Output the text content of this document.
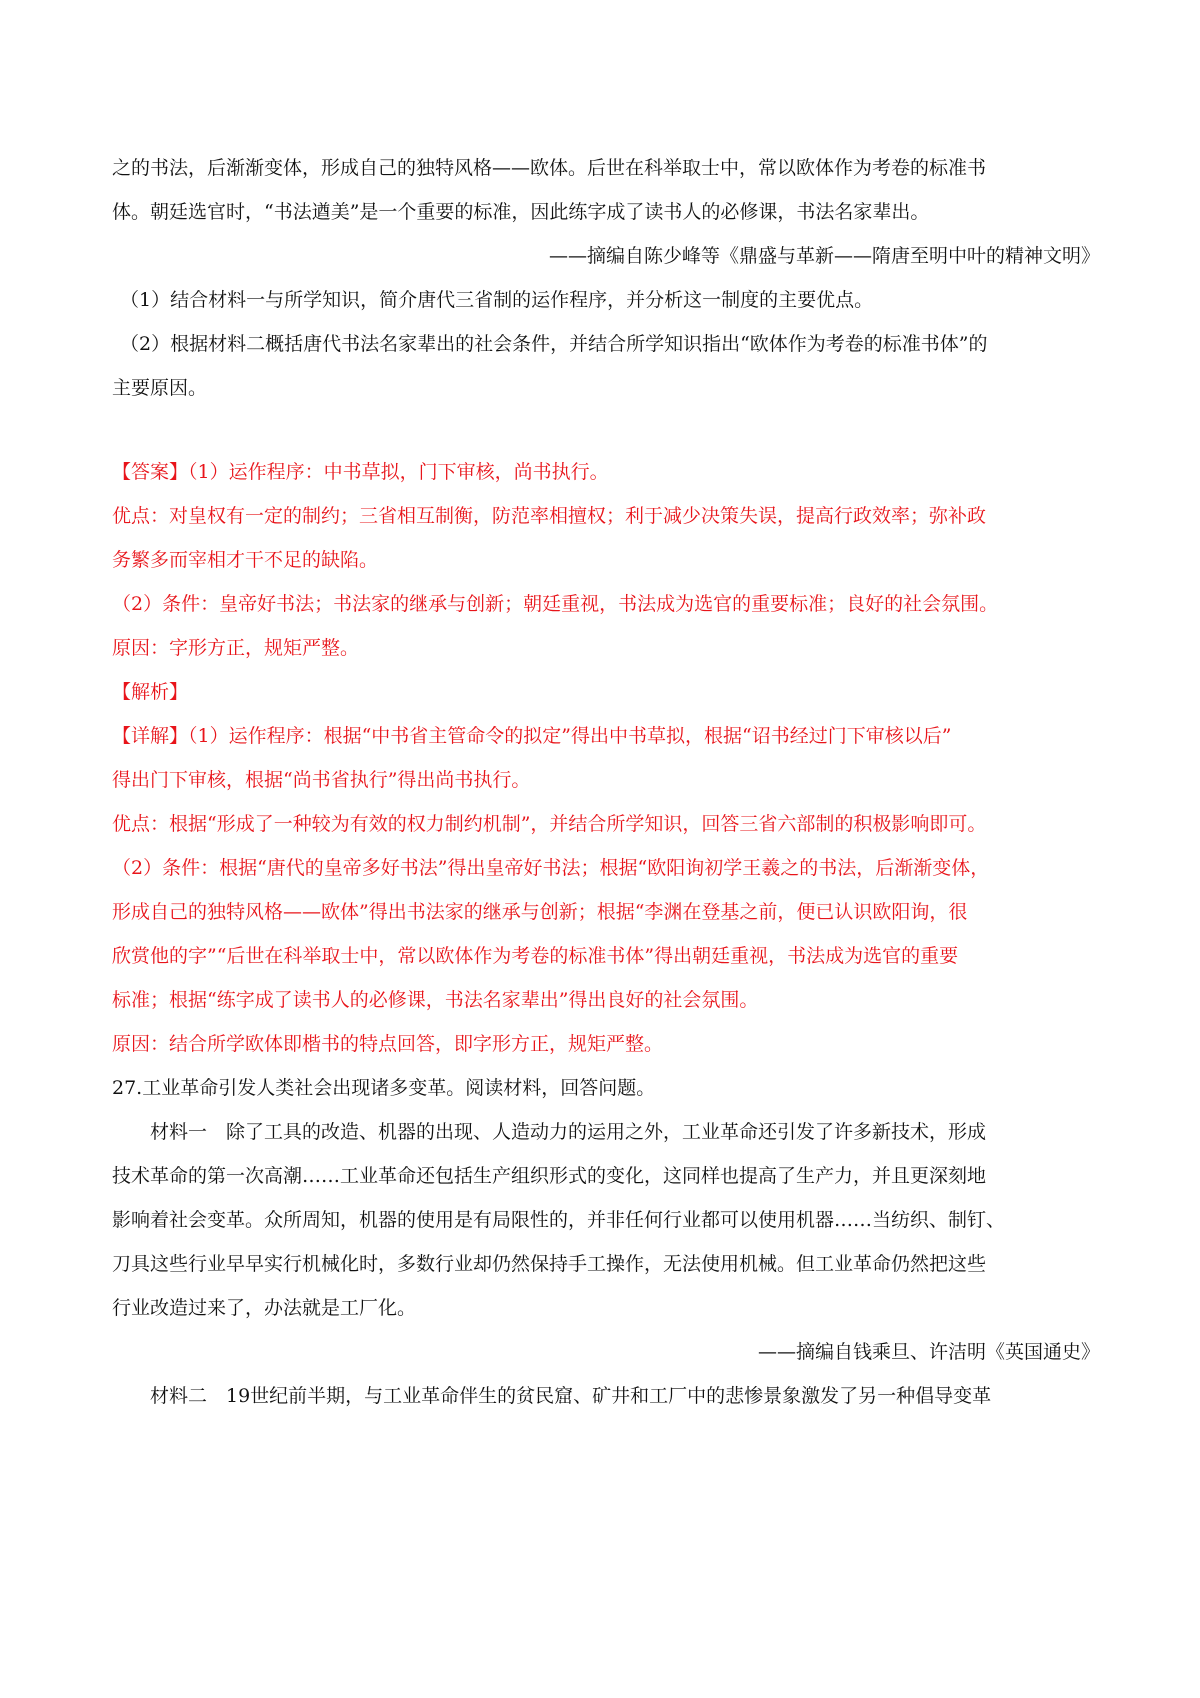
之的书法，后渐渐变体，形成自己的独特风格——欧体。后世在科举取士中，常以欧体作为考卷的标准书

体。朝廷选官时，“书法遒美”是一个重要的标准，因此练字成了读书人的必修课，书法名家辈出。

——摘编自陈少峰等《鼎盛与革新——隋唐至明中叶的精神文明》

（1）结合材料一与所学知识，简介唐代三省制的运作程序，并分析这一制度的主要优点。

（2）根据材料二概括唐代书法名家辈出的社会条件，并结合所学知识指出“欧体作为考卷的标准书体”的

主要原因。

【答案】（1）运作程序：中书草拟，门下审核，尚书执行。

优点：对皇权有一定的制约；三省相互制衡，防范率相擅权；利于减少决策失误，提高行政效率；弥补政

务繁多而宰相才干不足的缺陷。

（2）条件：皇帝好书法；书法家的继承与创新；朝廷重视，书法成为选官的重要标准；良好的社会氛围。

原因：字形方正，规矩严整。

【解析】

【详解】（1）运作程序：根据“中书省主管命令的拟定”得出中书草拟，根据“诏书经过门下审核以后”

得出门下审核，根据“尚书省执行”得出尚书执行。

优点：根据“形成了一种较为有效的权力制约机制”，并结合所学知识，回答三省六部制的积极影响即可。

（2）条件：根据“唐代的皇帝多好书法”得出皇帝好书法；根据“欧阳询初学王羲之的书法，后渐渐变体，

形成自己的独特风格——欧体”得出书法家的继承与创新；根据“李渊在登基之前，便已认识欧阳询，很

欣赏他的字”“后世在科举取士中，常以欧体作为考卷的标准书体”得出朝廷重视，书法成为选官的重要

标准；根据“练字成了读书人的必修课，书法名家辈出”得出良好的社会氛围。

原因：结合所学欧体即楷书的特点回答，即字形方正，规矩严整。

27.工业革命引发人类社会出现诸多变革。阅读材料，回答问题。

材料一　除了工具的改造、机器的出现、人造动力的运用之外，工业革命还引发了许多新技术，形成

技术革命的第一次高潮……工业革命还包括生产组织形式的变化，这同样也提高了生产力，并且更深刻地

影响着社会变革。众所周知，机器的使用是有局限性的，并非任何行业都可以使用机器……当纺织、制钉、

刀具这些行业早早实行机械化时，多数行业却仍然保持手工操作，无法使用机械。但工业革命仍然把这些

行业改造过来了，办法就是工厂化。

——摘编自钱乘旦、许洁明《英国通史》

材料二　19世纪前半期，与工业革命伴生的贫民窟、矿井和工厂中的悲惨景象激发了另一种倡导变革
